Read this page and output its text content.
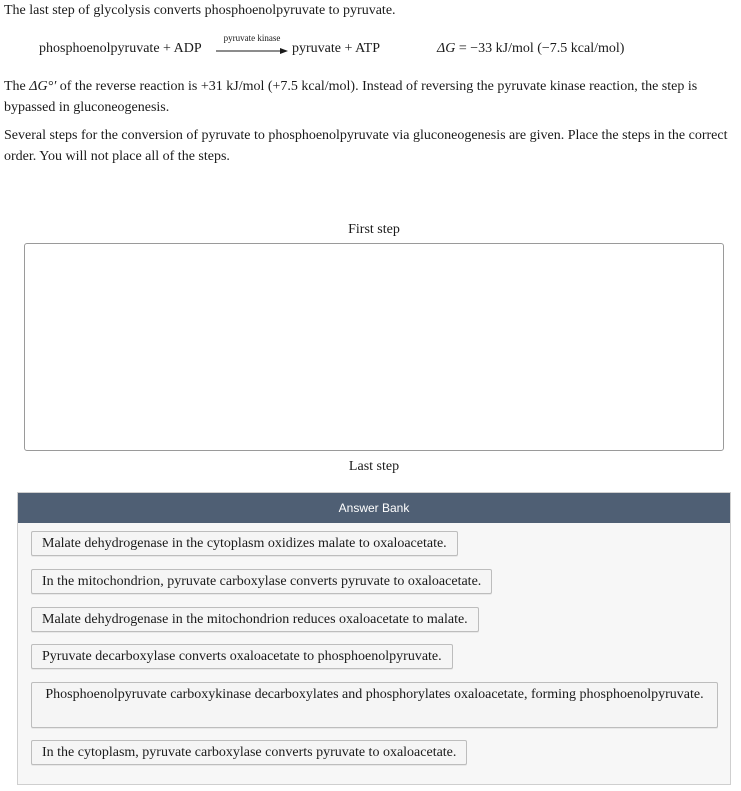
The last step of glycolysis converts phosphoenolpyruvate to pyruvate.
phosphoenolpyruvate + ADP
pyruvate kinase
pyruvate + ATP	ΔG = −33 kJ/mol (−7.5 kcal/mol)
The ΔG°′ of the reverse reaction is +31 kJ/mol (+7.5 kcal/mol). Instead of reversing the pyruvate kinase reaction, the step is bypassed in gluconeogenesis.
Several steps for the conversion of pyruvate to phosphoenolpyruvate via gluconeogenesis are given. Place the steps in the correct order. You will not place all of the steps.
First step
Last step
Answer Bank
Malate dehydrogenase in the cytoplasm oxidizes malate to oxaloacetate.
In the mitochondrion, pyruvate carboxylase converts pyruvate to oxaloacetate.
Malate dehydrogenase in the mitochondrion reduces oxaloacetate to malate.
Pyruvate decarboxylase converts oxaloacetate to phosphoenolpyruvate.
Phosphoenolpyruvate carboxykinase decarboxylates and phosphorylates oxaloacetate, forming phosphoenolpyruvate.
In the cytoplasm, pyruvate carboxylase converts pyruvate to oxaloacetate.
